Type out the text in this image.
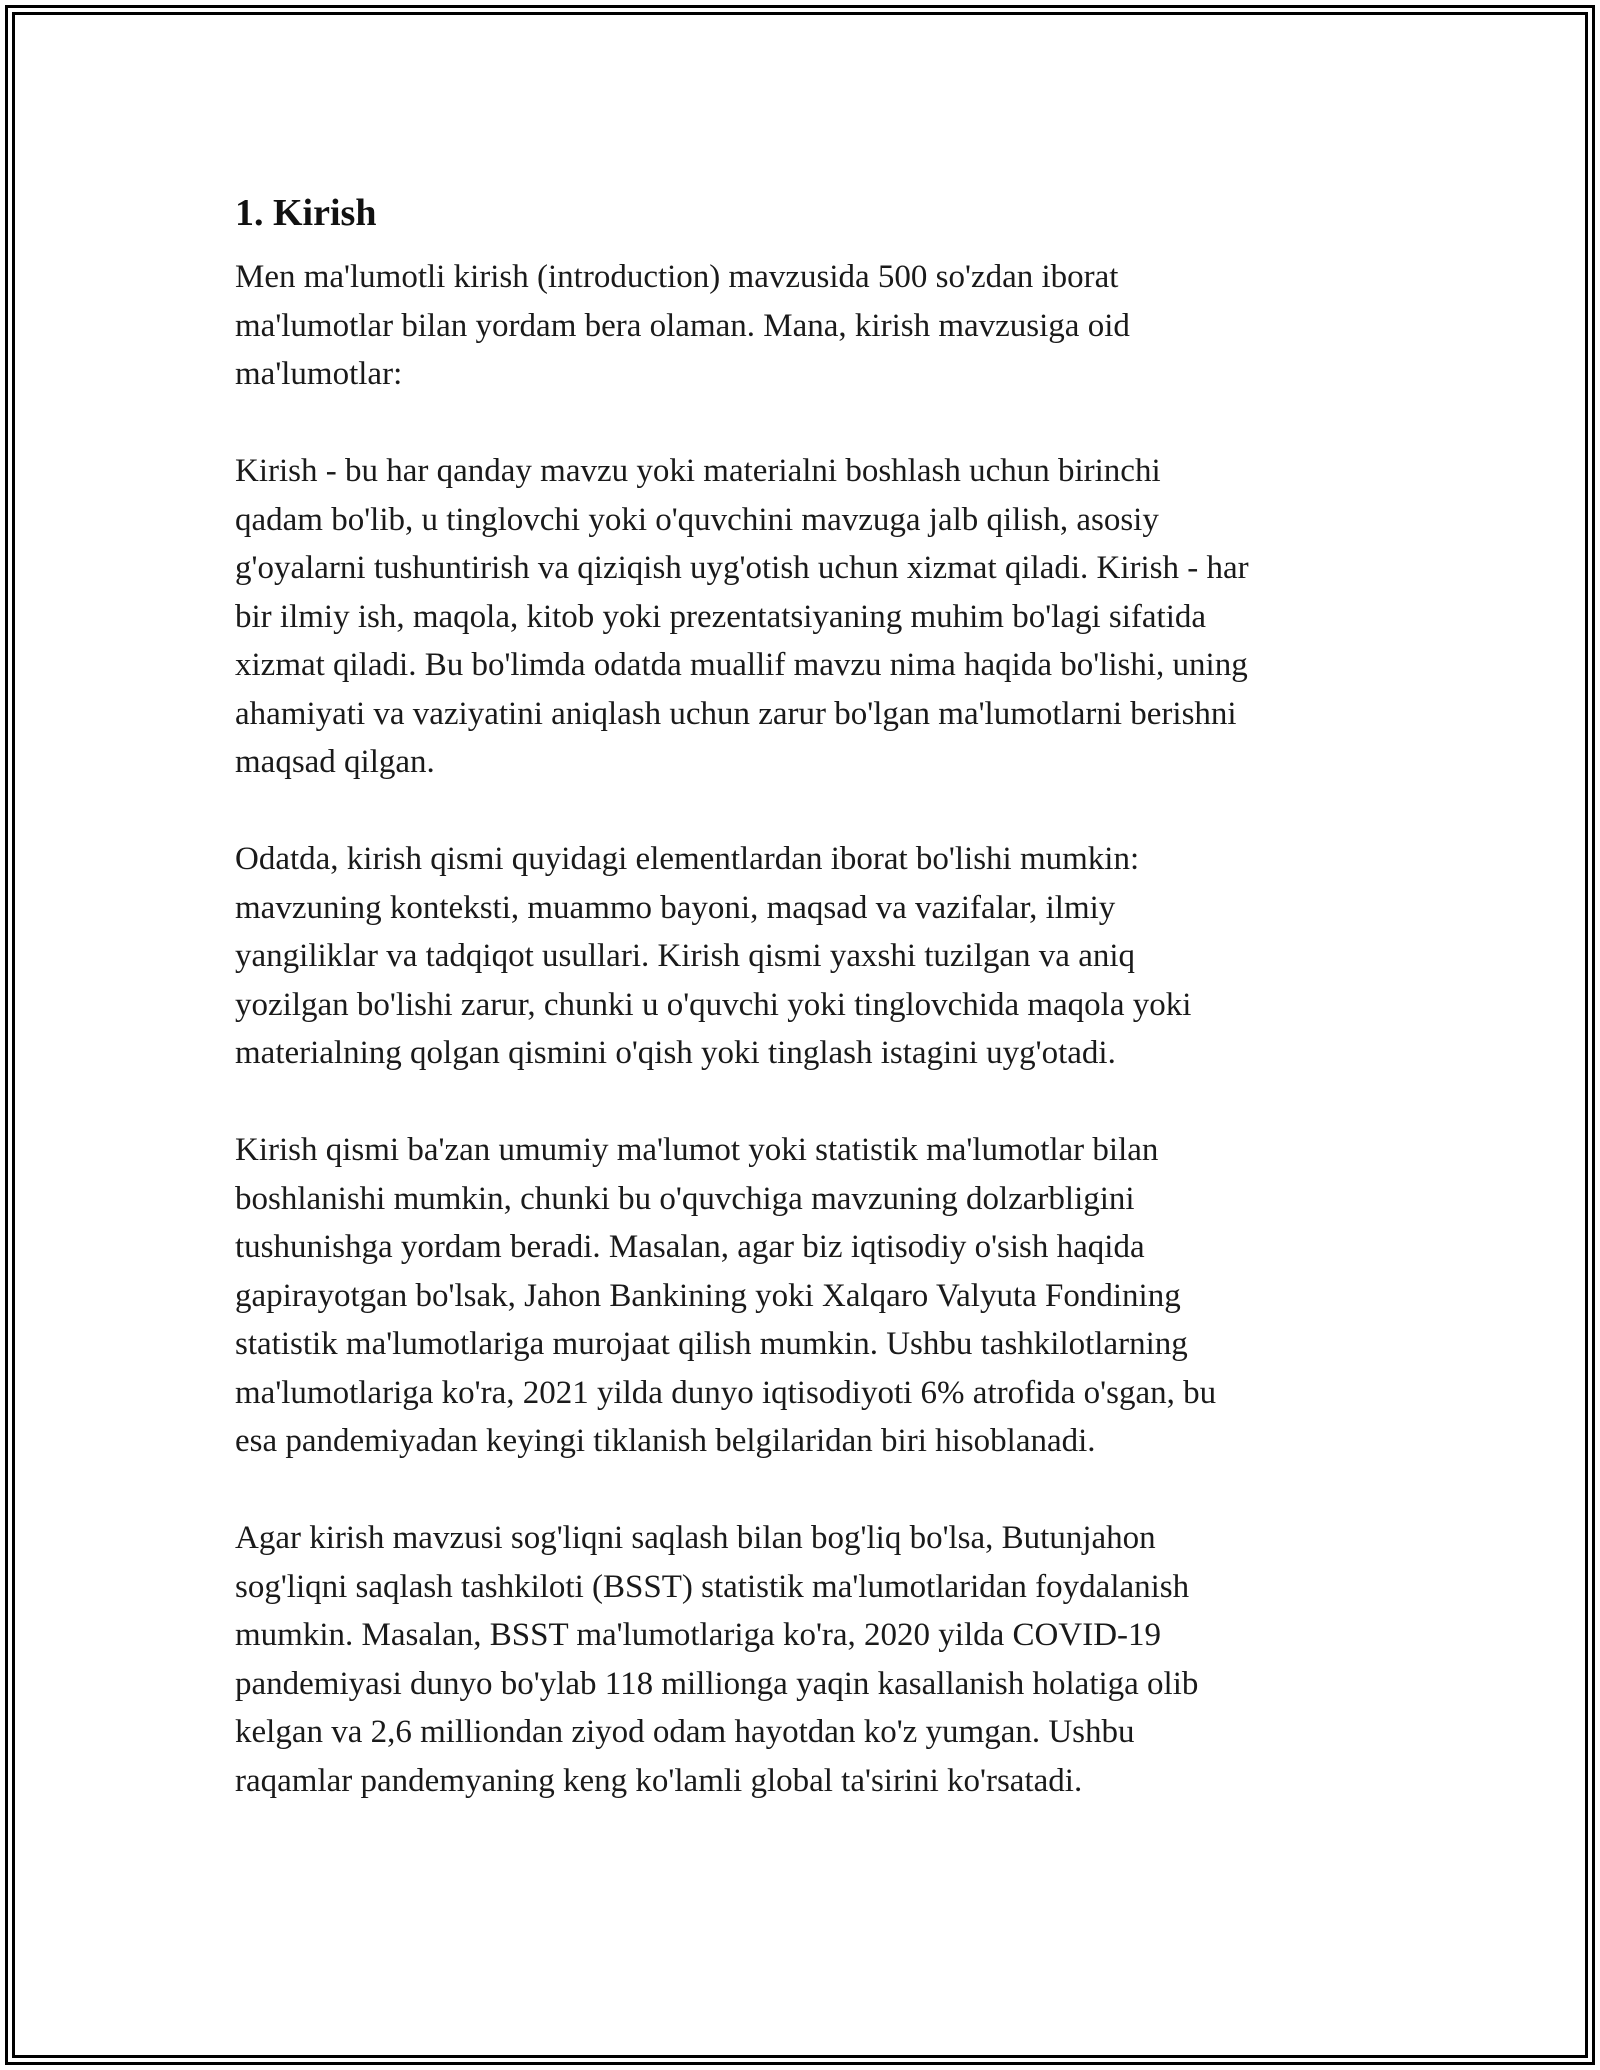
1. Kirish

Men ma'lumotli kirish (introduction) mavzusida 500 so'zdan iborat
ma'lumotlar bilan yordam bera olaman. Mana, kirish mavzusiga oid
ma'lumotlar:

Kirish - bu har qanday mavzu yoki materialni boshlash uchun birinchi
qadam bo'lib, u tinglovchi yoki o'quvchini mavzuga jalb qilish, asosiy
g'oyalarni tushuntirish va qiziqish uyg'otish uchun xizmat qiladi. Kirish - har
bir ilmiy ish, maqola, kitob yoki prezentatsiyaning muhim bo'lagi sifatida
xizmat qiladi. Bu bo'limda odatda muallif mavzu nima haqida bo'lishi, uning
ahamiyati va vaziyatini aniqlash uchun zarur bo'lgan ma'lumotlarni berishni
maqsad qilgan.

Odatda, kirish qismi quyidagi elementlardan iborat bo'lishi mumkin:
mavzuning konteksti, muammo bayoni, maqsad va vazifalar, ilmiy
yangiliklar va tadqiqot usullari. Kirish qismi yaxshi tuzilgan va aniq
yozilgan bo'lishi zarur, chunki u o'quvchi yoki tinglovchida maqola yoki
materialning qolgan qismini o'qish yoki tinglash istagini uyg'otadi.

Kirish qismi ba'zan umumiy ma'lumot yoki statistik ma'lumotlar bilan
boshlanishi mumkin, chunki bu o'quvchiga mavzuning dolzarbligini
tushunishga yordam beradi. Masalan, agar biz iqtisodiy o'sish haqida
gapirayotgan bo'lsak, Jahon Bankining yoki Xalqaro Valyuta Fondining
statistik ma'lumotlariga murojaat qilish mumkin. Ushbu tashkilotlarning
ma'lumotlariga ko'ra, 2021 yilda dunyo iqtisodiyoti 6% atrofida o'sgan, bu
esa pandemiyadan keyingi tiklanish belgilaridan biri hisoblanadi.

Agar kirish mavzusi sog'liqni saqlash bilan bog'liq bo'lsa, Butunjahon
sog'liqni saqlash tashkiloti (BSST) statistik ma'lumotlaridan foydalanish
mumkin. Masalan, BSST ma'lumotlariga ko'ra, 2020 yilda COVID-19
pandemiyasi dunyo bo'ylab 118 millionga yaqin kasallanish holatiga olib
kelgan va 2,6 milliondan ziyod odam hayotdan ko'z yumgan. Ushbu
raqamlar pandemyaning keng ko'lamli global ta'sirini ko'rsatadi.
